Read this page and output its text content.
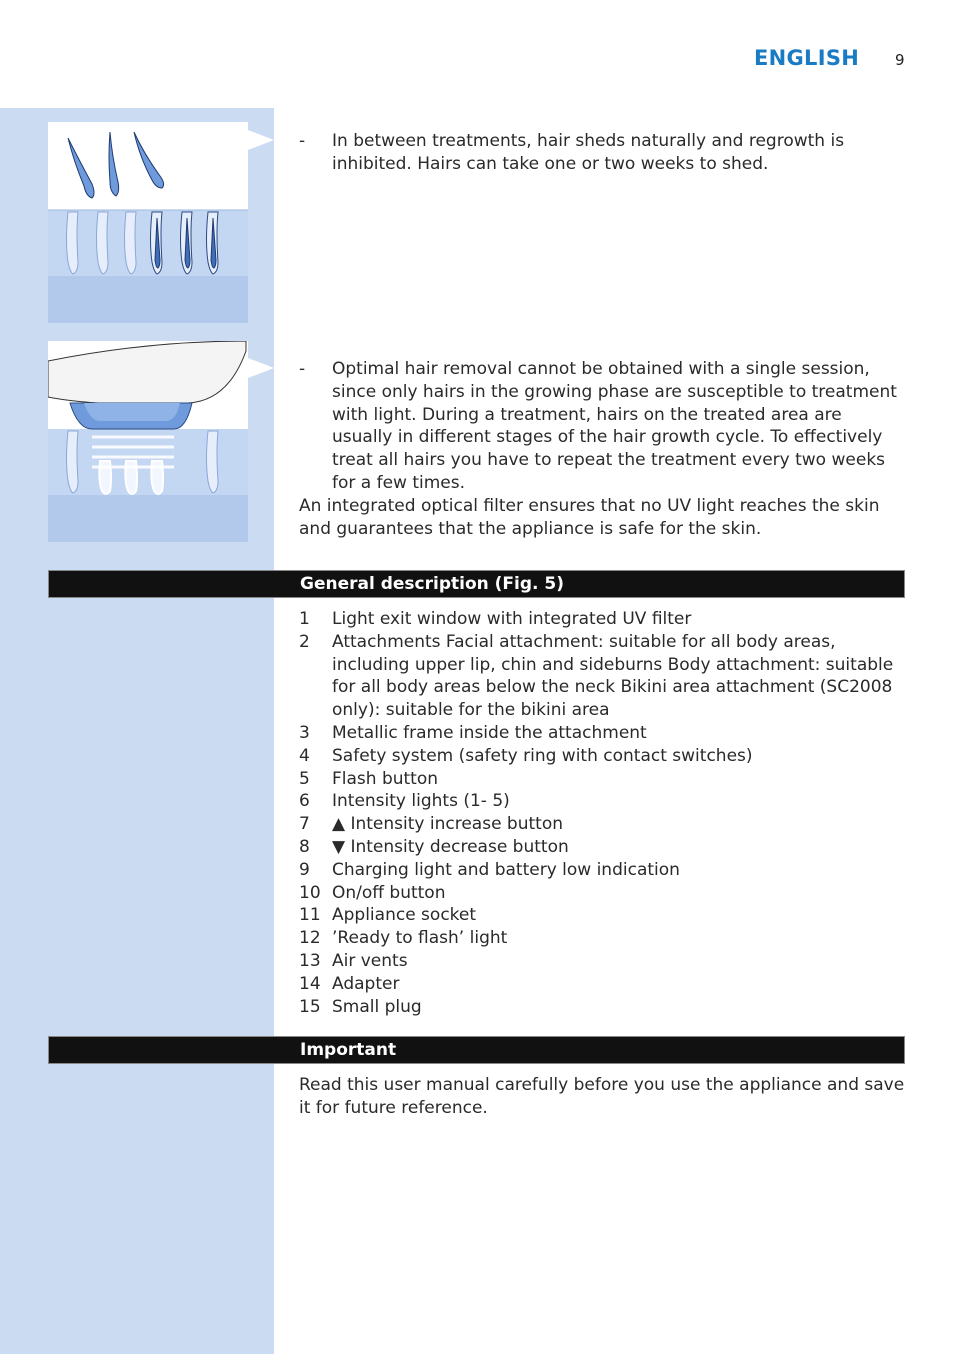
ENGLISH 9
- In between treatments, hair sheds naturally and regrowth is inhibited. Hairs can take one or two weeks to shed.
- Optimal hair removal cannot be obtained with a single session, since only hairs in the growing phase are susceptible to treatment with light. During a treatment, hairs on the treated area are usually in different stages of the hair growth cycle. To effectively treat all hairs you have to repeat the treatment every two weeks for a few times.
An integrated optical filter ensures that no UV light reaches the skin and guarantees that the appliance is safe for the skin.
General description (Fig. 5)
1 Light exit window with integrated UV filter
2 Attachments Facial attachment: suitable for all body areas, including upper lip, chin and sideburns Body attachment: suitable for all body areas below the neck Bikini area attachment (SC2008 only): suitable for the bikini area
3 Metallic frame inside the attachment
4 Safety system (safety ring with contact switches)
5 Flash button
6 Intensity lights (1- 5)
7 ▲ Intensity increase button
8 ▼ Intensity decrease button
9 Charging light and battery low indication
10 On/off button
11 Appliance socket
12 ’Ready to flash’ light
13 Air vents
14 Adapter
15 Small plug
Important
Read this user manual carefully before you use the appliance and save it for future reference.
